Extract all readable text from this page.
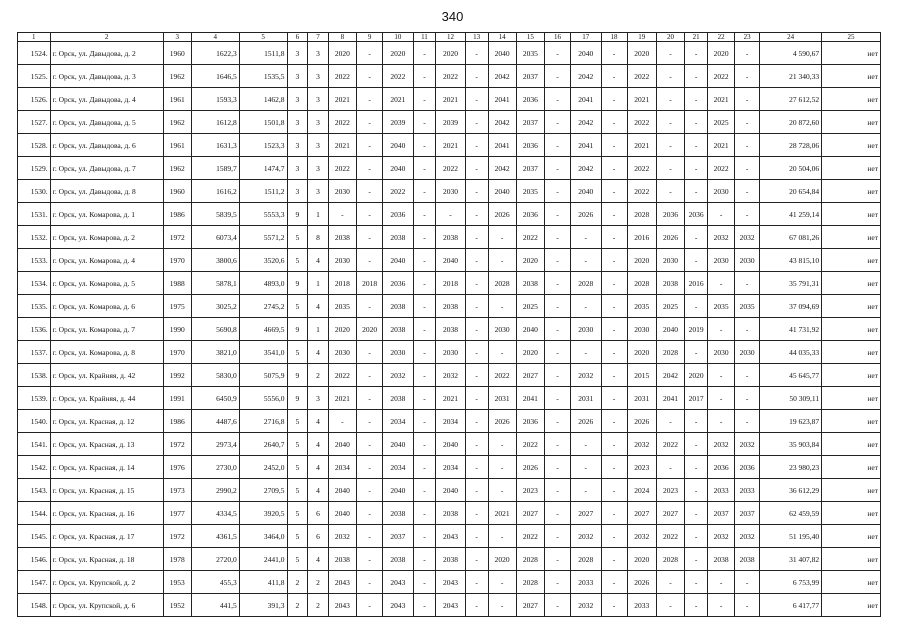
340
1	2	3	4	5	6	7	8	9	10	11	12	13	14	15	16	17	18	19	20	21	22	23	24	25
1524.	г. Орск, ул. Давыдова, д. 2	1960	1622,3	1511,8	3	3	2020	-	2020	-	2020	-	2040	2035	-	2040	-	2020	-	-	2020	-	4 590,67	нет
1525.	г. Орск, ул. Давыдова, д. 3	1962	1646,5	1535,5	3	3	2022	-	2022	-	2022	-	2042	2037	-	2042	-	2022	-	-	2022	-	21 340,33	нет
1526.	г. Орск, ул. Давыдова, д. 4	1961	1593,3	1462,8	3	3	2021	-	2021	-	2021	-	2041	2036	-	2041	-	2021	-	-	2021	-	27 612,52	нет
1527.	г. Орск, ул. Давыдова, д. 5	1962	1612,8	1501,8	3	3	2022	-	2039	-	2039	-	2042	2037	-	2042	-	2022	-	-	2025	-	20 872,60	нет
1528.	г. Орск, ул. Давыдова, д. 6	1961	1631,3	1523,3	3	3	2021	-	2040	-	2021	-	2041	2036	-	2041	-	2021	-	-	2021	-	28 728,06	нет
1529.	г. Орск, ул. Давыдова, д. 7	1962	1589,7	1474,7	3	3	2022	-	2040	-	2022	-	2042	2037	-	2042	-	2022	-	-	2022	-	20 504,06	нет
1530.	г. Орск, ул. Давыдова, д. 8	1960	1616,2	1511,2	3	3	2030	-	2022	-	2030	-	2040	2035	-	2040	-	2022	-	-	2030	-	20 654,84	нет
1531.	г. Орск, ул. Комарова, д. 1	1986	5839,5	5553,3	9	1	-	-	2036	-	-	-	2026	2036	-	2026	-	2028	2036	2036	-	-	41 259,14	нет
1532.	г. Орск, ул. Комарова, д. 2	1972	6073,4	5571,2	5	8	2038	-	2038	-	2038	-	-	2022	-	-	-	2016	2026	-	2032	2032	67 081,26	нет
1533.	г. Орск, ул. Комарова, д. 4	1970	3800,6	3520,6	5	4	2030	-	2040	-	2040	-	-	2020	-	-	-	2020	2030	-	2030	2030	43 815,10	нет
1534.	г. Орск, ул. Комарова, д. 5	1988	5878,1	4893,0	9	1	2018	2018	2036	-	2018	-	2028	2038	-	2028	-	2028	2038	2016	-	-	35 791,31	нет
1535.	г. Орск, ул. Комарова, д. 6	1975	3025,2	2745,2	5	4	2035	-	2038	-	2038	-	-	2025	-	-	-	2035	2025	-	2035	2035	37 094,69	нет
1536.	г. Орск, ул. Комарова, д. 7	1990	5690,8	4669,5	9	1	2020	2020	2038	-	2038	-	2030	2040	-	2030	-	2030	2040	2019	-	-	41 731,92	нет
1537.	г. Орск, ул. Комарова, д. 8	1970	3821,0	3541,0	5	4	2030	-	2030	-	2030	-	-	2020	-	-	-	2020	2028	-	2030	2030	44 035,33	нет
1538.	г. Орск, ул. Крайняя, д. 42	1992	5830,0	5075,9	9	2	2022	-	2032	-	2032	-	2022	2027	-	2032	-	2015	2042	2020	-	-	45 645,77	нет
1539.	г. Орск, ул. Крайняя, д. 44	1991	6450,9	5556,0	9	3	2021	-	2038	-	2021	-	2031	2041	-	2031	-	2031	2041	2017	-	-	50 309,11	нет
1540.	г. Орск, ул. Красная, д. 12	1986	4487,6	2716,8	5	4	-	-	2034	-	2034	-	2026	2036	-	2026	-	2026	-	-	-	-	19 623,87	нет
1541.	г. Орск, ул. Красная, д. 13	1972	2973,4	2640,7	5	4	2040	-	2040	-	2040	-	-	2022	-	-	-	2032	2022	-	2032	2032	35 903,84	нет
1542.	г. Орск, ул. Красная, д. 14	1976	2730,0	2452,0	5	4	2034	-	2034	-	2034	-	-	2026	-	-	-	2023	-	-	2036	2036	23 980,23	нет
1543.	г. Орск, ул. Красная, д. 15	1973	2990,2	2709,5	5	4	2040	-	2040	-	2040	-	-	2023	-	-	-	2024	2023	-	2033	2033	36 612,29	нет
1544.	г. Орск, ул. Красная, д. 16	1977	4334,5	3920,5	5	6	2040	-	2038	-	2038	-	2021	2027	-	2027	-	2027	2027	-	2037	2037	62 459,59	нет
1545.	г. Орск, ул. Красная, д. 17	1972	4361,5	3464,0	5	6	2032	-	2037	-	2043	-	-	2022	-	2032	-	2032	2022	-	2032	2032	51 195,40	нет
1546.	г. Орск, ул. Красная, д. 18	1978	2720,0	2441,0	5	4	2038	-	2038	-	2038	-	2020	2028	-	2028	-	2020	2028	-	2038	2038	31 407,82	нет
1547.	г. Орск, ул. Крупской, д. 2	1953	455,3	411,8	2	2	2043	-	2043	-	2043	-	-	2028	-	2033	-	2026	-	-	-	-	6 753,99	нет
1548.	г. Орск, ул. Крупской, д. 6	1952	441,5	391,3	2	2	2043	-	2043	-	2043	-	-	2027	-	2032	-	2033	-	-	-	-	6 417,77	нет
